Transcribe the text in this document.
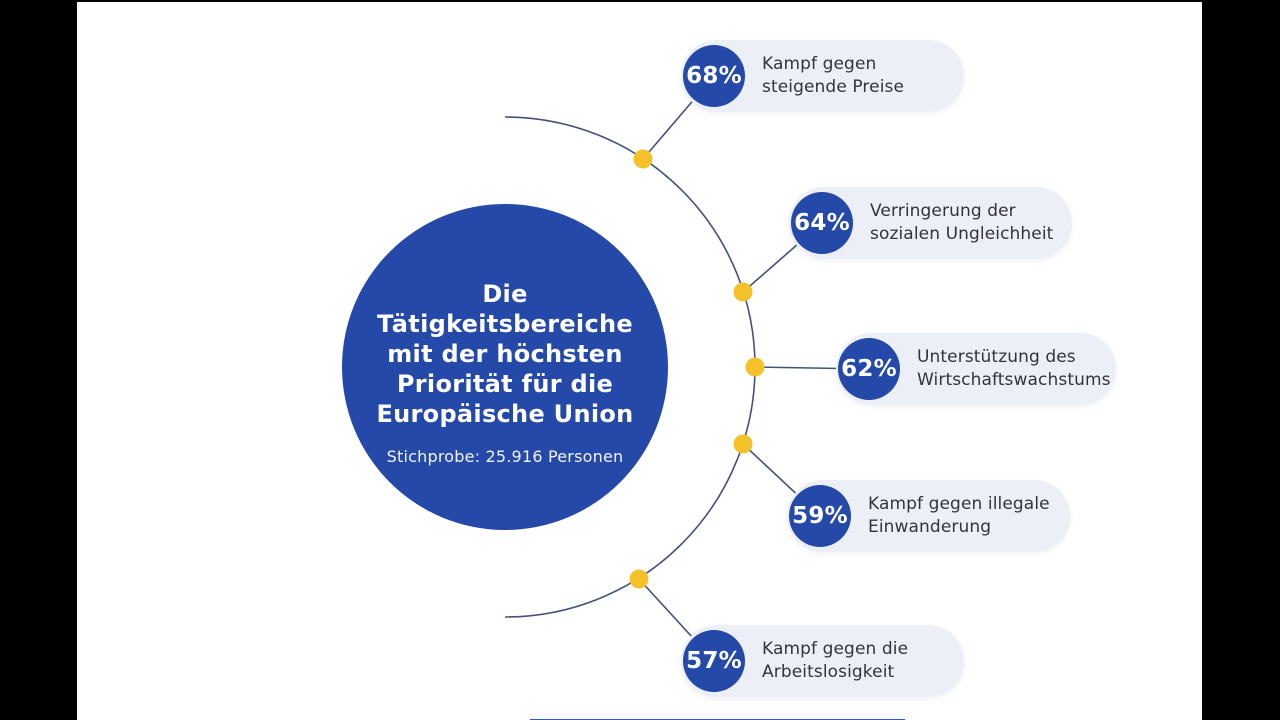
Die
Tätigkeitsbereiche
mit der höchsten
Priorität für die
Europäische Union
Stichprobe: 25.916 Personen
68% Kampf gegen
steigende Preise
64% Verringerung der
sozialen Ungleichheit
62% Unterstützung des
Wirtschaftswachstums
59% Kampf gegen illegale
Einwanderung
57% Kampf gegen die
Arbeitslosigkeit
